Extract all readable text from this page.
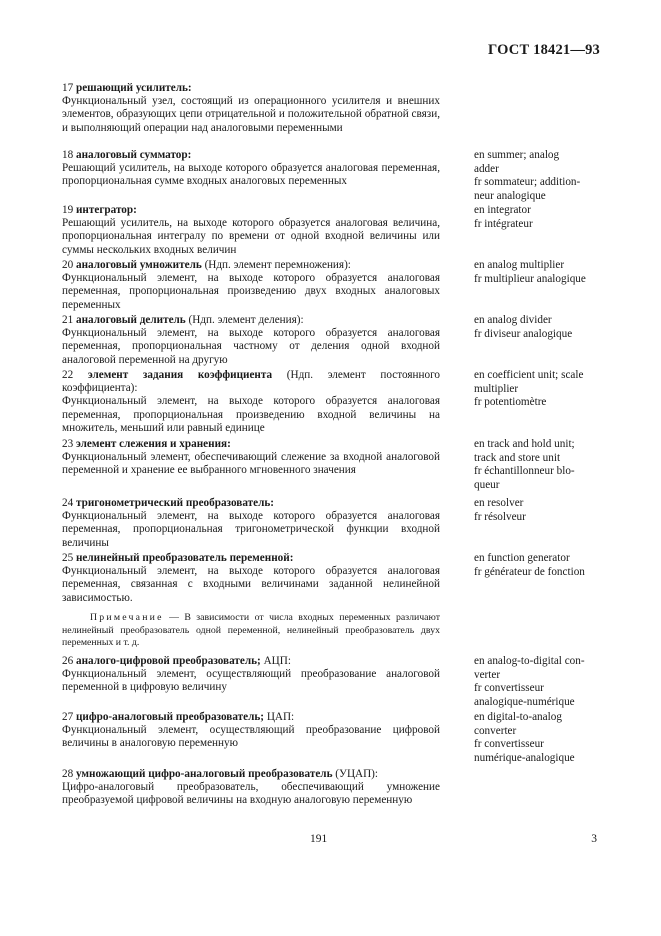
ГОСТ 18421—93

17 решающий усилитель:

Функциональный узел, состоящий из операционного усилителя и внешних элементов, образующих цепи отрицательной и положительной обратной связи, и выполняющий операции над аналоговыми переменными

18 аналоговый сумматор:

Решающий усилитель, на выходе которого образуется аналоговая переменная, пропорциональная сумме входных аналоговых переменных

19 интегратор:

Решающий усилитель, на выходе которого образуется аналоговая величина, пропорциональная интегралу по времени от одной входной величины или суммы нескольких входных величин

20 аналоговый умножитель (Ндп. элемент перемножения):

Функциональный элемент, на выходе которого образуется аналоговая переменная, пропорциональная произведению двух входных аналоговых переменных

21 аналоговый делитель (Ндп. элемент деления):

Функциональный элемент, на выходе которого образуется аналоговая переменная, пропорциональная частному от деления одной входной аналоговой переменной на другую

22 элемент задания коэффициента (Ндп. элемент постоянного коэффициента):

Функциональный элемент, на выходе которого образуется аналоговая переменная, пропорциональная произведению входной величины на множитель, меньший или равный единице

23 элемент слежения и хранения:

Функциональный элемент, обеспечивающий слежение за входной аналоговой переменной и хранение ее выбранного мгновенного значения

24 тригонометрический преобразователь:

Функциональный элемент, на выходе которого образуется аналоговая переменная, пропорциональная тригонометрической функции входной величины

25 нелинейный преобразователь переменной:

Функциональный элемент, на выходе которого образуется аналоговая переменная, связанная с входными величинами заданной нелинейной зависимостью.

Примечание — В зависимости от числа входных переменных различают нелинейный преобразователь одной переменной, нелинейный преобразователь двух переменных и т. д.

26 аналого-цифровой преобразователь; АЦП:

Функциональный элемент, осуществляющий преобразование аналоговой переменной в цифровую величину

27 цифро-аналоговый преобразователь; ЦАП:

Функциональный элемент, осуществляющий преобразование цифровой величины в аналоговую переменную

28 умножающий цифро-аналоговый преобразователь (УЦАП):

Цифро-аналоговый преобразователь, обеспечивающий умножение преобразуемой цифровой величины на входную аналоговую переменную

en summer; analog
adder
fr sommateur; addition-
neur analogique
en integrator
fr intégrateur
en analog multiplier
fr multiplieur analogique
en analog divider
fr diviseur analogique
en coefficient unit; scale
multiplier
fr potentiomètre
en track and hold unit;
track and store unit
fr échantillonneur blo-
queur
en resolver
fr résolveur
en function generator
fr générateur de fonction
en analog-to-digital con-
verter
fr convertisseur
analogique-numérique
en digital-to-analog
converter
fr convertisseur
numérique-analogique
191	3
